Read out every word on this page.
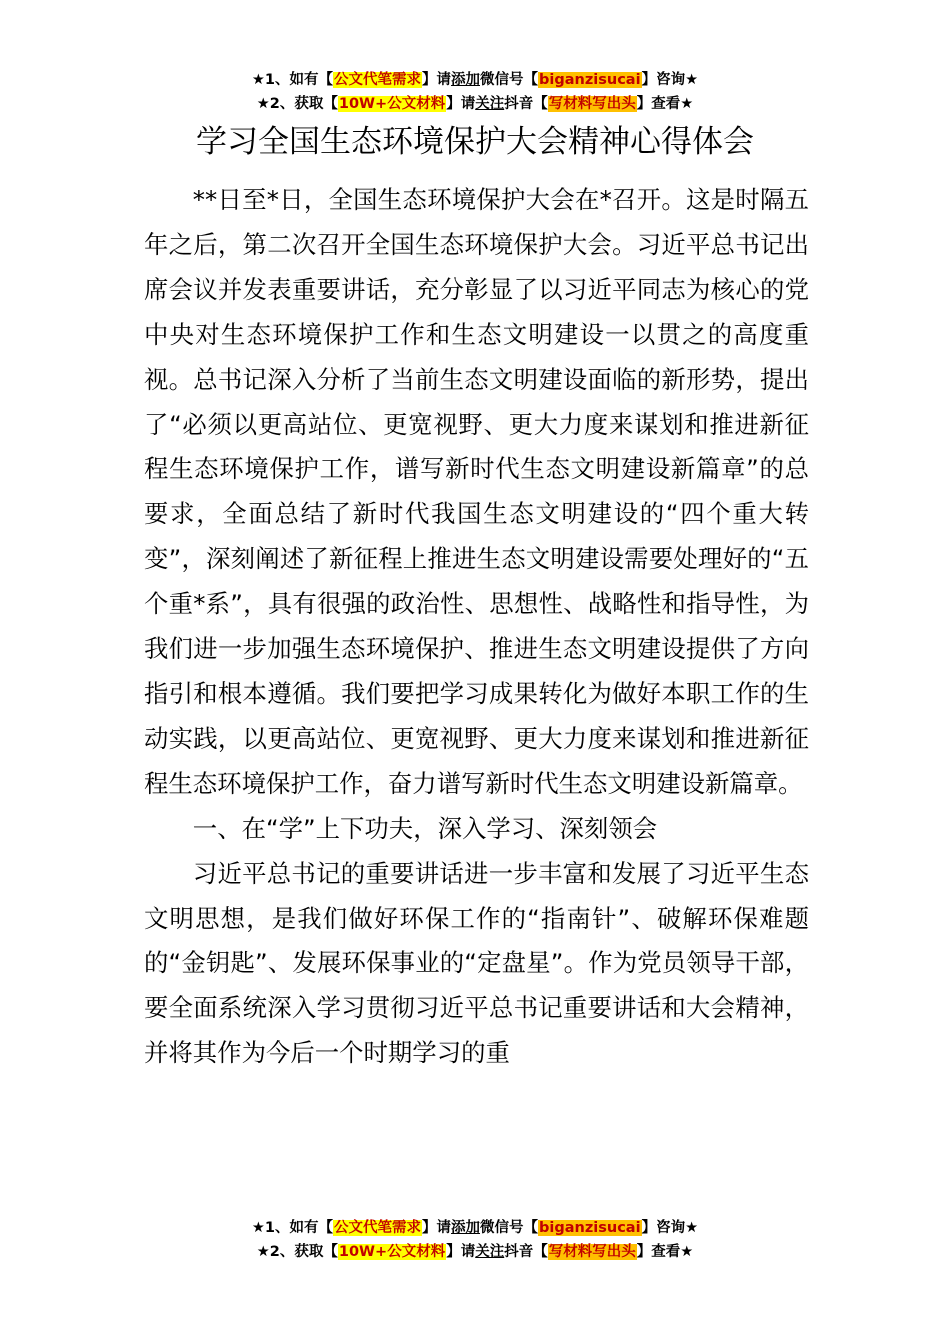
★1、如有【公文代笔需求】请添加微信号【biganzisucai】咨询★
★2、获取【10W+公文材料】请关注抖音【写材料写出头】查看★
学习全国生态环境保护大会精神心得体会

**日至*日，全国生态环境保护大会在*召开。这是时隔五年之后，第二次召开全国生态环境保护大会。习近平总书记出席会议并发表重要讲话，充分彰显了以习近平同志为核心的党中央对生态环境保护工作和生态文明建设一以贯之的高度重视。总书记深入分析了当前生态文明建设面临的新形势，提出了“必须以更高站位、更宽视野、更大力度来谋划和推进新征程生态环境保护工作，谱写新时代生态文明建设新篇章”的总要求，全面总结了新时代我国生态文明建设的“四个重大转变”，深刻阐述了新征程上推进生态文明建设需要处理好的“五个重*系”，具有很强的政治性、思想性、战略性和指导性，为我们进一步加强生态环境保护、推进生态文明建设提供了方向指引和根本遵循。我们要把学习成果转化为做好本职工作的生动实践，以更高站位、更宽视野、更大力度来谋划和推进新征程生态环境保护工作，奋力谱写新时代生态文明建设新篇章。

一、在“学”上下功夫，深入学习、深刻领会

习近平总书记的重要讲话进一步丰富和发展了习近平生态文明思想，是我们做好环保工作的“指南针”、破解环保难题的“金钥匙”、发展环保事业的“定盘星”。作为党员领导干部，要全面系统深入学习贯彻习近平总书记重要讲话和大会精神，并将其作为今后一个时期学习的重

★1、如有【公文代笔需求】请添加微信号【biganzisucai】咨询★
★2、获取【10W+公文材料】请关注抖音【写材料写出头】查看★
